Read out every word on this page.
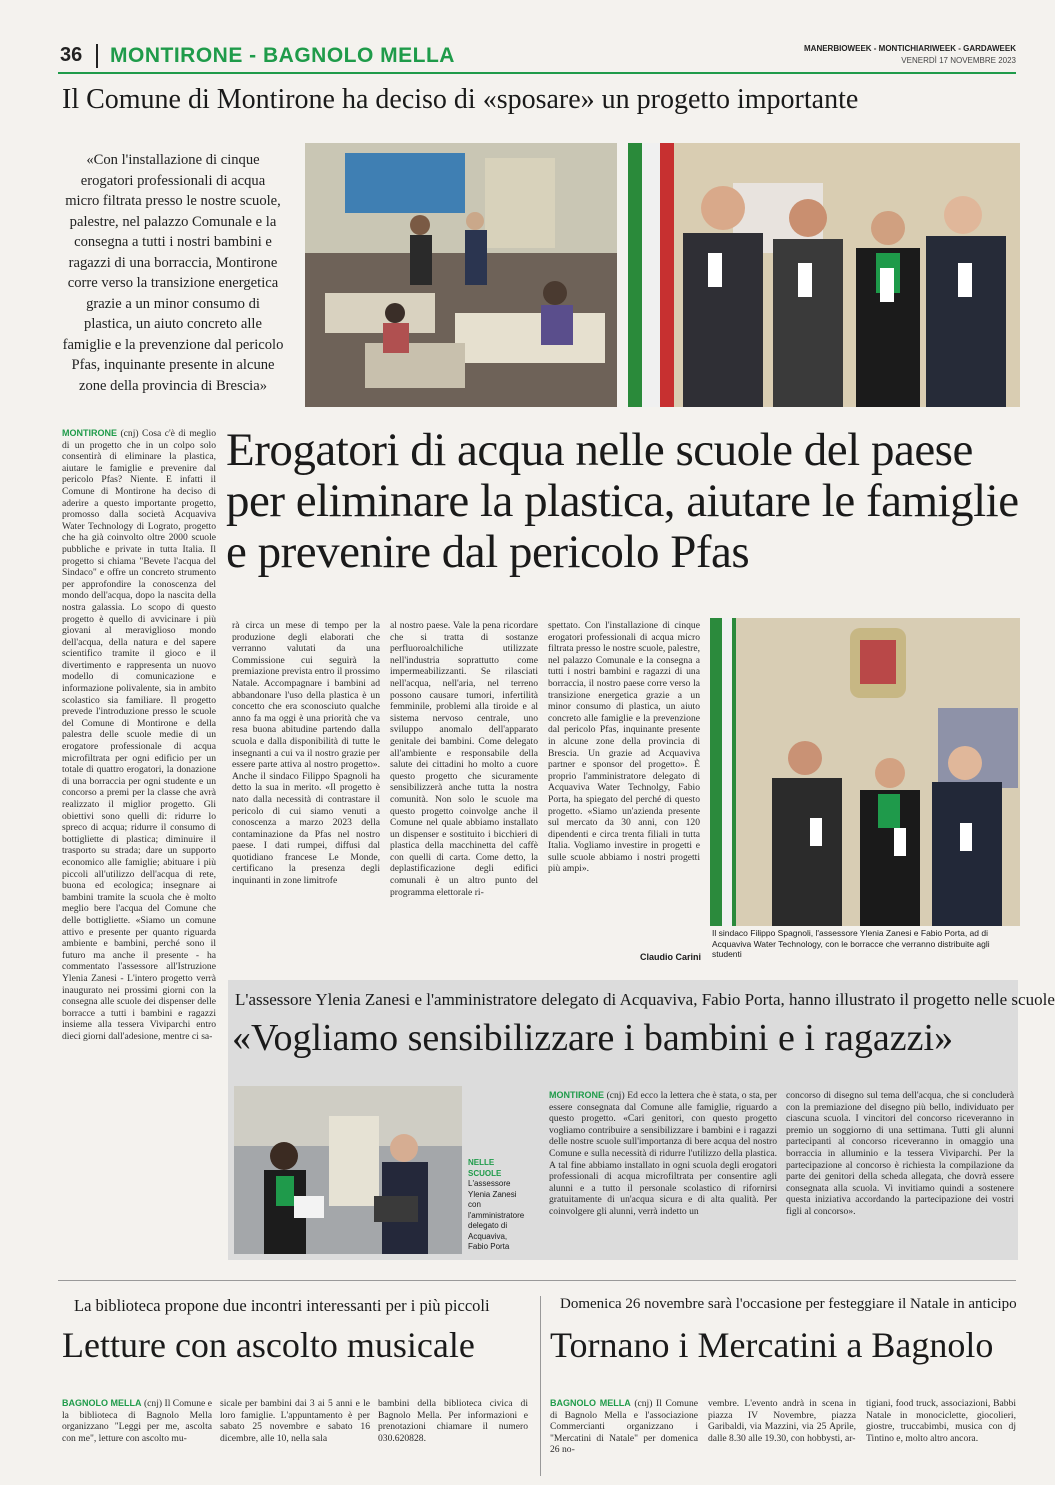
36 MONTIRONE - BAGNOLO MELLA	MANERBIOWEEK - MONTICHIARIWEEK - GARDAWEEK
VENERDÌ 17 NOVEMBRE 2023
Il Comune di Montirone ha deciso di «sposare» un progetto importante
«Con l'installazione di cinque erogatori professionali di acqua micro filtrata presso le nostre scuole, palestre, nel palazzo Comunale e la consegna a tutti i nostri bambini e ragazzi di una borraccia, Montirone corre verso la transizione energetica grazie a un minor consumo di plastica, un aiuto concreto alle famiglie e la prevenzione dal pericolo Pfas, inquinante presente in alcune zone della provincia di Brescia»
Erogatori di acqua nelle scuole del paese per eliminare la plastica, aiutare le famiglie e prevenire dal pericolo Pfas
MONTIRONE (cnj) Cosa c'è di meglio di un progetto che in un colpo solo consentirà di eliminare la plastica, aiutare le famiglie e prevenire dal pericolo Pfas? Niente. E infatti il Comune di Montirone ha deciso di aderire a questo importante progetto, promosso dalla società Acquaviva Water Technology di Lograto, progetto che ha già coinvolto oltre 2000 scuole pubbliche e private in tutta Italia. Il progetto si chiama "Bevete l'acqua del Sindaco" e offre un concreto strumento per approfondire la conoscenza del mondo dell'acqua, dopo la nascita della nostra galassia. Lo scopo di questo progetto è quello di avvicinare i più giovani al meraviglioso mondo dell'acqua, della natura e del sapere scientifico tramite il gioco e il divertimento e rappresenta un nuovo modello di comunicazione e informazione polivalente, sia in ambito scolastico sia familiare. Il progetto prevede l'introduzione presso le scuole del Comune di Montirone e della palestra delle scuole medie di un erogatore professionale di acqua microfiltrata per ogni edificio per un totale di quattro erogatori, la donazione di una borraccia per ogni studente e un concorso a premi per la classe che avrà realizzato il miglior progetto. Gli obiettivi sono quelli di: ridurre lo spreco di acqua; ridurre il consumo di bottigliette di plastica; diminuire il trasporto su strada; dare un supporto economico alle famiglie; abituare i più piccoli all'utilizzo dell'acqua di rete, buona ed ecologica; insegnare ai bambini tramite la scuola che è molto meglio bere l'acqua del Comune che delle bottigliette. «Siamo un comune attivo e presente per quanto riguarda ambiente e bambini, perché sono il futuro ma anche il presente - ha commentato l'assessore all'Istruzione Ylenia Zanesi - L'intero progetto verrà inaugurato nei prossimi giorni con la consegna alle scuole dei dispenser delle borracce a tutti i bambini e ragazzi insieme alla tessera Viviparchi entro dieci giorni dall'adesione, mentre ci sa-
rà circa un mese di tempo per la produzione degli elaborati che verranno valutati da una Commissione cui seguirà la premiazione prevista entro il prossimo Natale. Accompagnare i bambini ad abbandonare l'uso della plastica è un concetto che era sconosciuto qualche anno fa ma oggi è una priorità che va resa buona abitudine partendo dalla scuola e dalla disponibilità di tutte le insegnanti a cui va il nostro grazie per essere parte attiva al nostro progetto». Anche il sindaco Filippo Spagnoli ha detto la sua in merito. «Il progetto è nato dalla necessità di contrastare il pericolo di cui siamo venuti a conoscenza a marzo 2023 della contaminazione da Pfas nel nostro paese. I dati rumpei, diffusi dal quotidiano francese Le Monde, certificano la presenza degli inquinanti in zone limitrofe
al nostro paese. Vale la pena ricordare che si tratta di sostanze perfluoroalchiliche utilizzate nell'industria soprattutto come impermeabilizzanti. Se rilasciati nell'acqua, nell'aria, nel terreno possono causare tumori, infertilità femminile, problemi alla tiroide e al sistema nervoso centrale, uno sviluppo anomalo dell'apparato genitale dei bambini. Come delegato all'ambiente e responsabile della salute dei cittadini ho molto a cuore questo progetto che sicuramente sensibilizzerà anche tutta la nostra comunità. Non solo le scuole ma questo progetto coinvolge anche il Comune nel quale abbiamo installato un dispenser e sostituito i bicchieri di plastica della macchinetta del caffè con quelli di carta. Come detto, la deplastificazione degli edifici comunali è un altro punto del programma elettorale ri-
spettato. Con l'installazione di cinque erogatori professionali di acqua micro filtrata presso le nostre scuole, palestre, nel palazzo Comunale e la consegna a tutti i nostri bambini e ragazzi di una borraccia, il nostro paese corre verso la transizione energetica grazie a un minor consumo di plastica, un aiuto concreto alle famiglie e la prevenzione dal pericolo Pfas, inquinante presente in alcune zone della provincia di Brescia. Un grazie ad Acquaviva partner e sponsor del progetto». È proprio l'amministratore delegato di Acquaviva Water Technolgy, Fabio Porta, ha spiegato del perché di questo progetto. «Siamo un'azienda presente sul mercato da 30 anni, con 120 dipendenti e circa trenta filiali in tutta Italia. Vogliamo investire in progetti e sulle scuole abbiamo i nostri progetti più ampi».
Claudio Carini
Il sindaco Filippo Spagnoli, l'assessore Ylenia Zanesi e Fabio Porta, ad di Acquaviva Water Technology, con le borracce che verranno distribuite agli studenti
L'assessore Ylenia Zanesi e l'amministratore delegato di Acquaviva, Fabio Porta, hanno illustrato il progetto nelle scuole
«Vogliamo sensibilizzare i bambini e i ragazzi»
NELLE SCUOLE L'assessore Ylenia Zanesi con l'amministratore delegato di Acquaviva, Fabio Porta
MONTIRONE (cnj) Ed ecco la lettera che è stata, o sta, per essere consegnata dal Comune alle famiglie, riguardo a questo progetto. «Cari genitori, con questo progetto vogliamo contribuire a sensibilizzare i bambini e i ragazzi delle nostre scuole sull'importanza di bere acqua del nostro Comune e sulla necessità di ridurre l'utilizzo della plastica. A tal fine abbiamo installato in ogni scuola degli erogatori professionali di acqua microfiltrata per consentire agli alunni e a tutto il personale scolastico di rifornirsi gratuitamente di un'acqua sicura e di alta qualità. Per coinvolgere gli alunni, verrà indetto un
concorso di disegno sul tema dell'acqua, che si concluderà con la premiazione del disegno più bello, individuato per ciascuna scuola. I vincitori del concorso riceveranno in premio un soggiorno di una settimana. Tutti gli alunni partecipanti al concorso riceveranno in omaggio una borraccia in alluminio e la tessera Viviparchi. Per la partecipazione al concorso è richiesta la compilazione da parte dei genitori della scheda allegata, che dovrà essere consegnata alla scuola. Vi invitiamo quindi a sostenere questa iniziativa accordando la partecipazione dei vostri figli al concorso».
La biblioteca propone due incontri interessanti per i più piccoli
Letture con ascolto musicale
BAGNOLO MELLA (cnj) Il Comune e la biblioteca di Bagnolo Mella organizzano "Leggi per me, ascolta con me", letture con ascolto mu-
sicale per bambini dai 3 ai 5 anni e le loro famiglie. L'appuntamento è per sabato 25 novembre e sabato 16 dicembre, alle 10, nella sala
bambini della biblioteca civica di Bagnolo Mella. Per informazioni e prenotazioni chiamare il numero 030.620828.
Domenica 26 novembre sarà l'occasione per festeggiare il Natale in anticipo
Tornano i Mercatini a Bagnolo
BAGNOLO MELLA (cnj) Il Comune di Bagnolo Mella e l'associazione Commercianti organizzano i "Mercatini di Natale" per domenica 26 no-
vembre. L'evento andrà in scena in piazza IV Novembre, piazza Garibaldi, via Mazzini, via 25 Aprile, dalle 8.30 alle 19.30, con hobbysti, ar-
tigiani, food truck, associazioni, Babbi Natale in monociclette, giocolieri, giostre, truccabimbi, musica con dj Tintino e, molto altro ancora.
